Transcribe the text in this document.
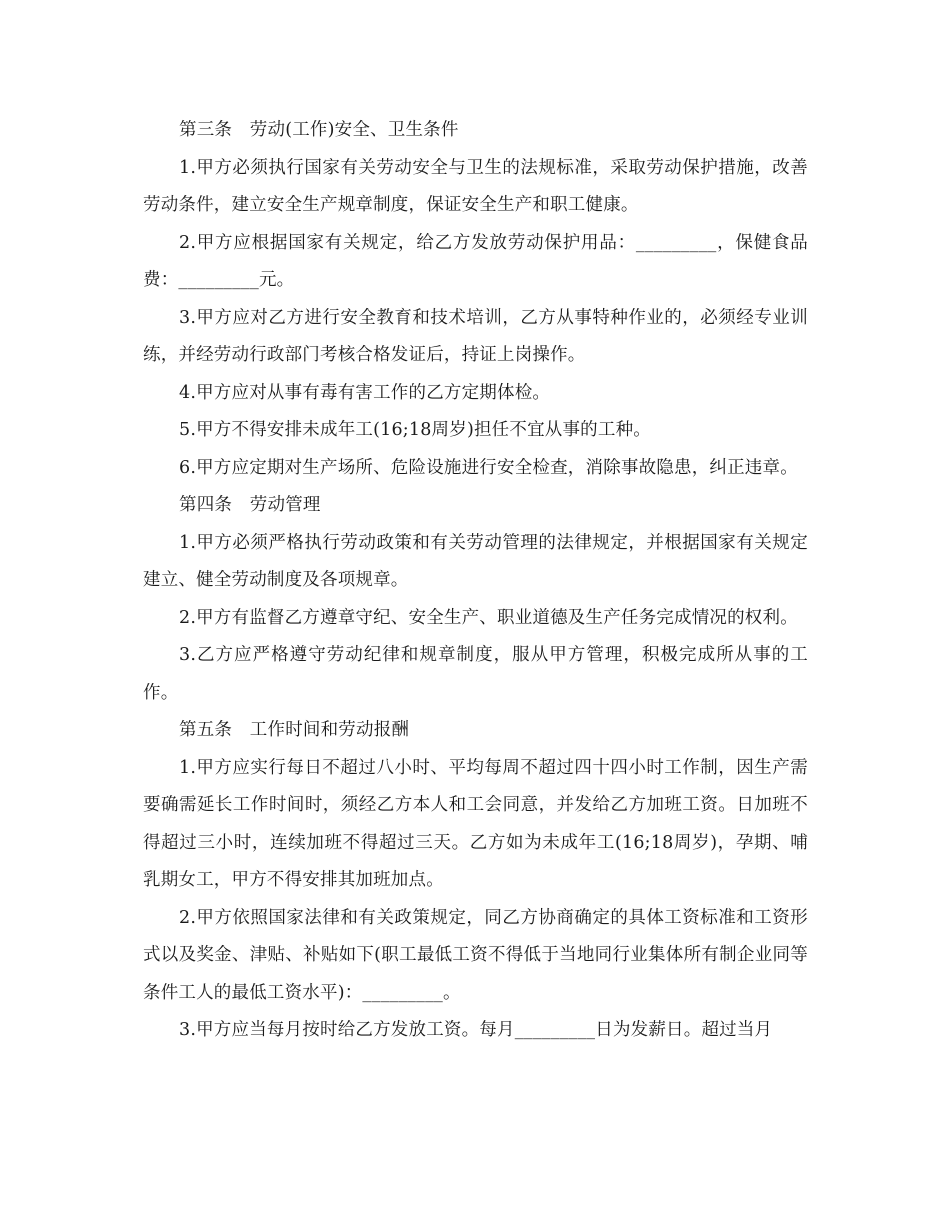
第三条　劳动(工作)安全、卫生条件

1.甲方必须执行国家有关劳动安全与卫生的法规标准，采取劳动保护措施，改善劳动条件，建立安全生产规章制度，保证安全生产和职工健康。

2.甲方应根据国家有关规定，给乙方发放劳动保护用品：_________，保健食品费：_________元。

3.甲方应对乙方进行安全教育和技术培训，乙方从事特种作业的，必须经专业训练，并经劳动行政部门考核合格发证后，持证上岗操作。

4.甲方应对从事有毒有害工作的乙方定期体检。

5.甲方不得安排未成年工(16;18周岁)担任不宜从事的工种。

6.甲方应定期对生产场所、危险设施进行安全检查，消除事故隐患，纠正违章。

第四条　劳动管理

1.甲方必须严格执行劳动政策和有关劳动管理的法律规定，并根据国家有关规定建立、健全劳动制度及各项规章。

2.甲方有监督乙方遵章守纪、安全生产、职业道德及生产任务完成情况的权利。

3.乙方应严格遵守劳动纪律和规章制度，服从甲方管理，积极完成所从事的工作。

第五条　工作时间和劳动报酬

1.甲方应实行每日不超过八小时、平均每周不超过四十四小时工作制，因生产需要确需延长工作时间时，须经乙方本人和工会同意，并发给乙方加班工资。日加班不得超过三小时，连续加班不得超过三天。乙方如为未成年工(16;18周岁)，孕期、哺乳期女工，甲方不得安排其加班加点。

2.甲方依照国家法律和有关政策规定，同乙方协商确定的具体工资标准和工资形式以及奖金、津贴、补贴如下(职工最低工资不得低于当地同行业集体所有制企业同等条件工人的最低工资水平)：_________。

3.甲方应当每月按时给乙方发放工资。每月_________日为发薪日。超过当月
